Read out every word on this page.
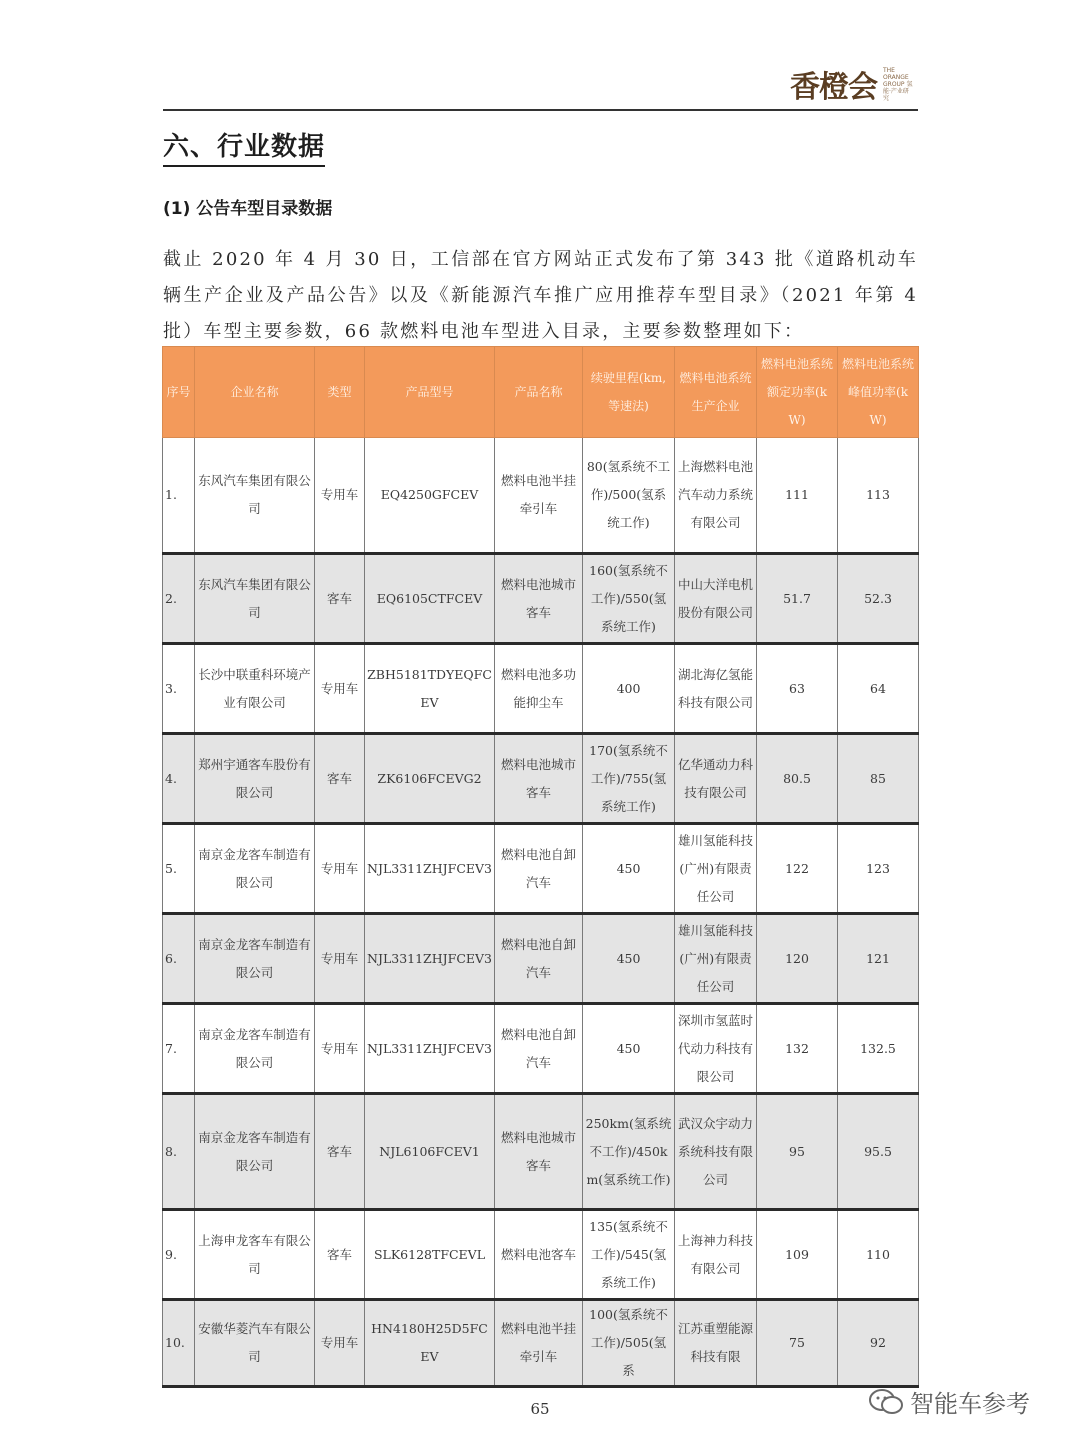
香橙会 THE ORANGE GROUP 氢能·产业研究
六、行业数据
(1) 公告车型目录数据
截止 2020 年 4 月 30 日，工信部在官方网站正式发布了第 343 批《道路机动车辆生产企业及产品公告》以及《新能源汽车推广应用推荐车型目录》（2021 年第 4 批）车型主要参数，66 款燃料电池车型进入目录，主要参数整理如下：
序号	企业名称	类型	产品型号	产品名称	续驶里程(km,等速法)	燃料电池系统生产企业	燃料电池系统额定功率(kW)	燃料电池系统峰值功率(kW)
1.	东风汽车集团有限公司	专用车	EQ4250GFCEV	燃料电池半挂牵引车	80(氢系统不工作)/500(氢系统工作)	上海燃料电池汽车动力系统有限公司	111	113
2.	东风汽车集团有限公司	客车	EQ6105CTFCEV	燃料电池城市客车	160(氢系统不工作)/550(氢系统工作)	中山大洋电机股份有限公司	51.7	52.3
3.	长沙中联重科环境产业有限公司	专用车	ZBH5181TDYEQFCEV	燃料电池多功能抑尘车	400	湖北海亿氢能科技有限公司	63	64
4.	郑州宇通客车股份有限公司	客车	ZK6106FCEVG2	燃料电池城市客车	170(氢系统不工作)/755(氢系统工作)	亿华通动力科技有限公司	80.5	85
5.	南京金龙客车制造有限公司	专用车	NJL3311ZHJFCEV3	燃料电池自卸汽车	450	雄川氢能科技(广州)有限责任公司	122	123
6.	南京金龙客车制造有限公司	专用车	NJL3311ZHJFCEV3	燃料电池自卸汽车	450	雄川氢能科技(广州)有限责任公司	120	121
7.	南京金龙客车制造有限公司	专用车	NJL3311ZHJFCEV3	燃料电池自卸汽车	450	深圳市氢蓝时代动力科技有限公司	132	132.5
8.	南京金龙客车制造有限公司	客车	NJL6106FCEV1	燃料电池城市客车	250km(氢系统不工作)/450km(氢系统工作)	武汉众宇动力系统科技有限公司	95	95.5
9.	上海申龙客车有限公司	客车	SLK6128TFCEVL	燃料电池客车	135(氢系统不工作)/545(氢系统工作)	上海神力科技有限公司	109	110
10.	安徽华菱汽车有限公司	专用车	HN4180H25D5FCEV	燃料电池半挂牵引车	100(氢系统不工作)/505(氢系	江苏重塑能源科技有限	75	92
65	智能车参考
